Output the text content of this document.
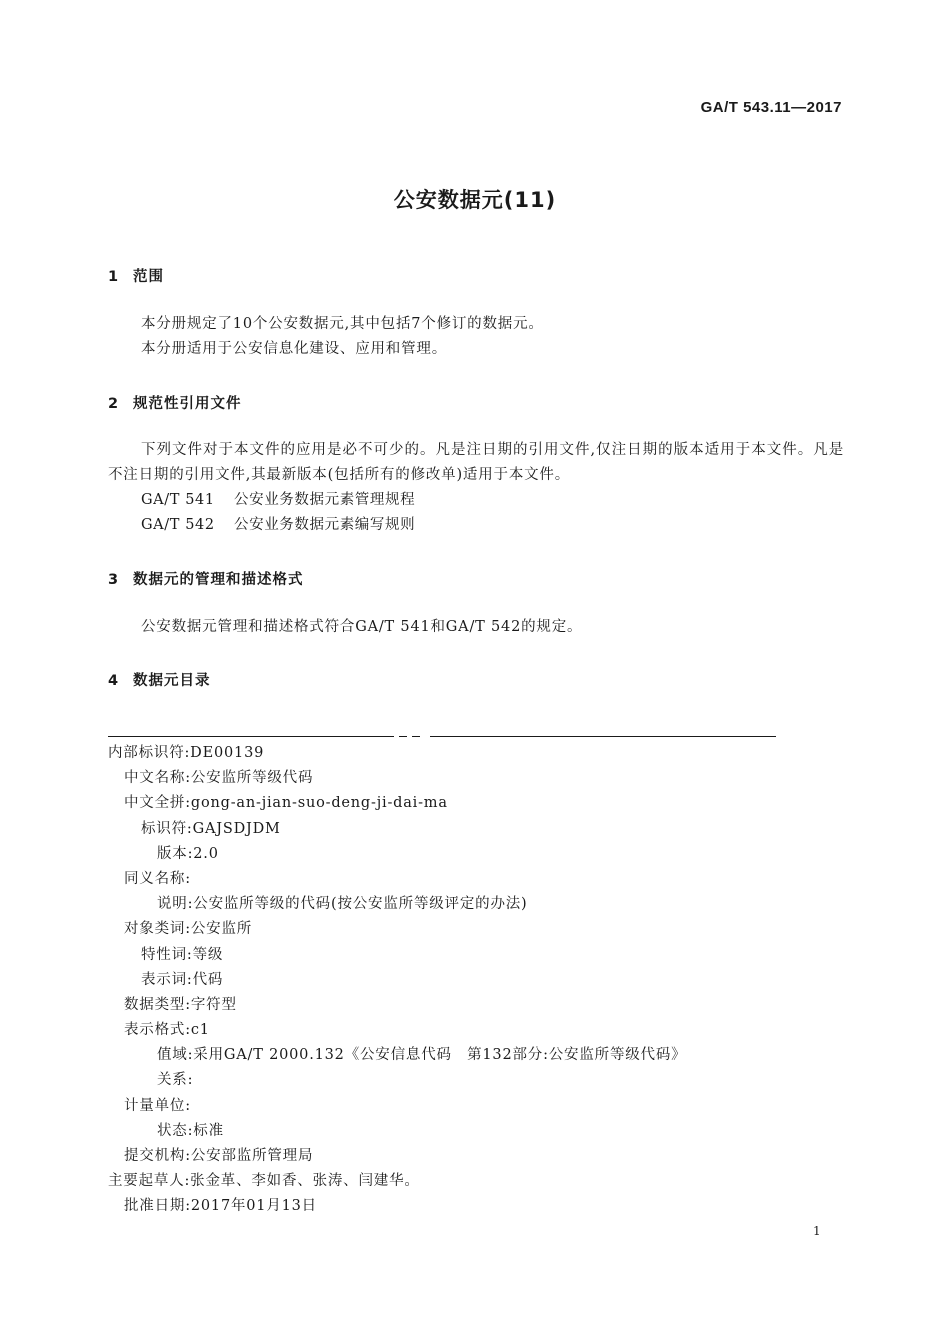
GA/T 543.11—2017
公安数据元(11)
1 范围

本分册规定了10个公安数据元,其中包括7个修订的数据元。

本分册适用于公安信息化建设、应用和管理。

2 规范性引用文件

下列文件对于本文件的应用是必不可少的。凡是注日期的引用文件,仅注日期的版本适用于本文件。凡是不注日期的引用文件,其最新版本(包括所有的修改单)适用于本文件。

GA/T 541 公安业务数据元素管理规程
GA/T 542 公安业务数据元素编写规则
3 数据元的管理和描述格式

公安数据元管理和描述格式符合GA/T 541和GA/T 542的规定。

4 数据元目录
内部标识符:DE00139
中文名称:公安监所等级代码
中文全拼:gong-an-jian-suo-deng-ji-dai-ma
标识符:GAJSDJDM
版本:2.0
同义名称:
说明:公安监所等级的代码(按公安监所等级评定的办法)
对象类词:公安监所
特性词:等级
表示词:代码
数据类型:字符型
表示格式:c1
值域:采用GA/T 2000.132《公安信息代码　第132部分:公安监所等级代码》
关系:
计量单位:
状态:标准
提交机构:公安部监所管理局
主要起草人:张金革、李如香、张涛、闫建华。
批准日期:2017年01月13日
1
